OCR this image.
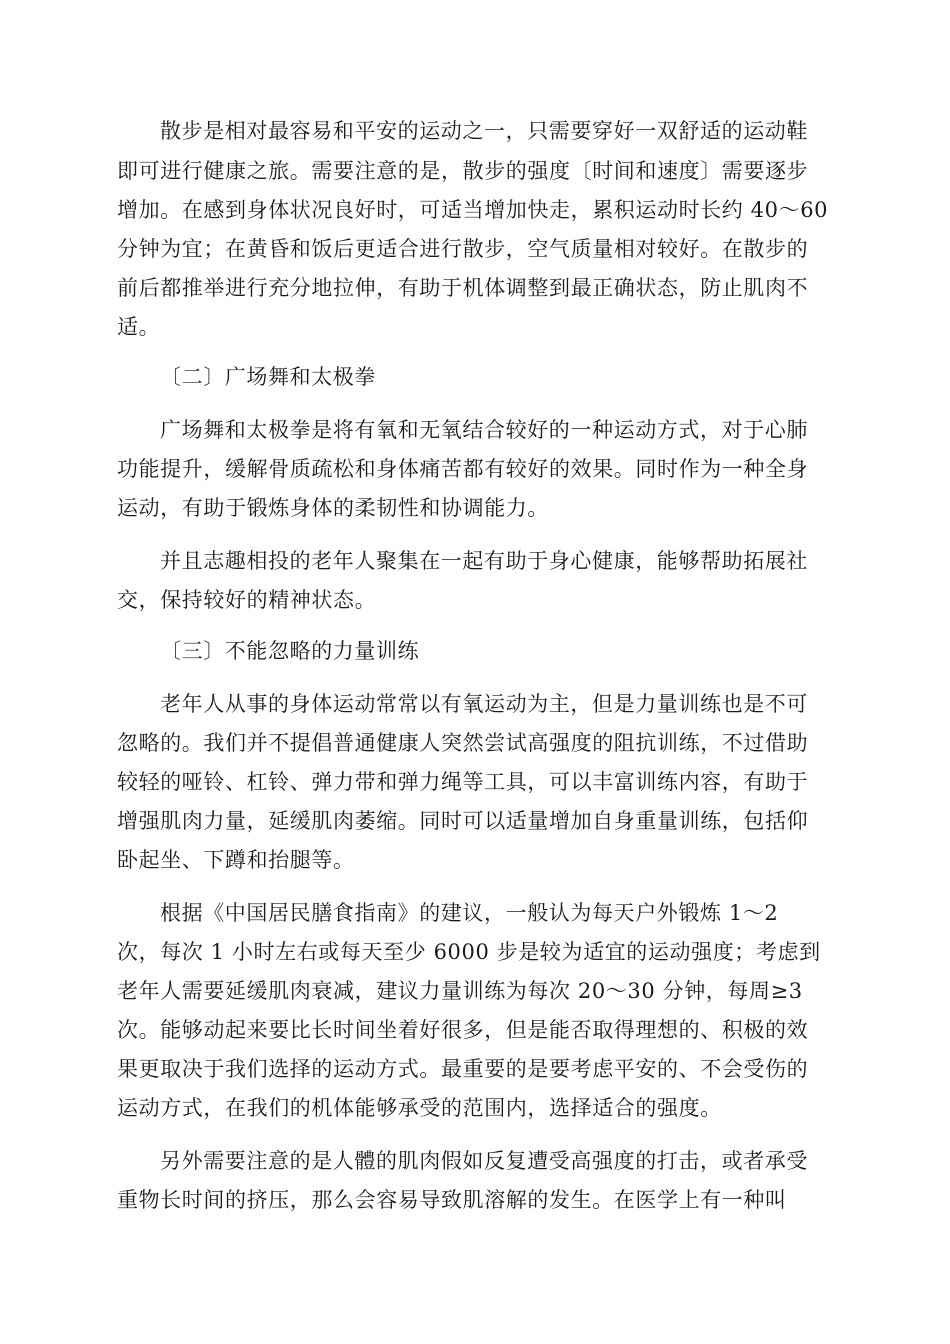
散步是相对最容易和平安的运动之一，只需要穿好一双舒适的运动鞋
即可进行健康之旅。需要注意的是，散步的强度〔时间和速度〕需要逐步
增加。在感到身体状况良好时，可适当增加快走，累积运动时长约 40～60
分钟为宜；在黄昏和饭后更适合进行散步，空气质量相对较好。在散步的
前后都推举进行充分地拉伸，有助于机体调整到最正确状态，防止肌肉不
适。
〔二〕广场舞和太极拳
广场舞和太极拳是将有氧和无氧结合较好的一种运动方式，对于心肺
功能提升，缓解骨质疏松和身体痛苦都有较好的效果。同时作为一种全身
运动，有助于锻炼身体的柔韧性和协调能力。
并且志趣相投的老年人聚集在一起有助于身心健康，能够帮助拓展社
交，保持较好的精神状态。
〔三〕不能忽略的力量训练
老年人从事的身体运动常常以有氧运动为主，但是力量训练也是不可
忽略的。我们并不提倡普通健康人突然尝试高强度的阻抗训练，不过借助
较轻的哑铃、杠铃、弹力带和弹力绳等工具，可以丰富训练内容，有助于
增强肌肉力量，延缓肌肉萎缩。同时可以适量增加自身重量训练，包括仰
卧起坐、下蹲和抬腿等。
根据《中国居民膳食指南》的建议，一般认为每天户外锻炼 1～2
次，每次 1 小时左右或每天至少 6000 步是较为适宜的运动强度；考虑到
老年人需要延缓肌肉衰减，建议力量训练为每次 20～30 分钟，每周≥3
次。能够动起来要比长时间坐着好很多，但是能否取得理想的、积极的效
果更取决于我们选择的运动方式。最重要的是要考虑平安的、不会受伤的
运动方式，在我们的机体能够承受的范围内，选择适合的强度。
另外需要注意的是人體的肌肉假如反复遭受高强度的打击，或者承受
重物长时间的挤压，那么会容易导致肌溶解的发生。在医学上有一种叫
